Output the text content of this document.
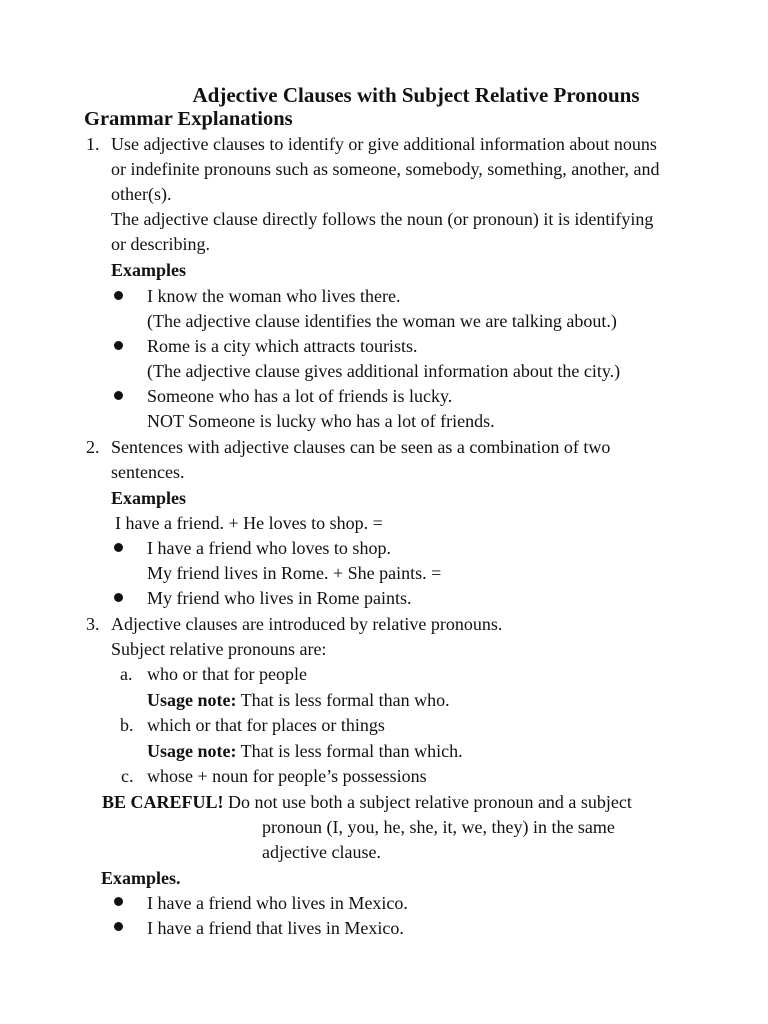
Adjective Clauses with Subject Relative Pronouns
Grammar Explanations
1. Use adjective clauses to identify or give additional information about nouns
or indefinite pronouns such as someone, somebody, something, another, and
other(s).
The adjective clause directly follows the noun (or pronoun) it is identifying
or describing.
Examples
I know the woman who lives there.
(The adjective clause identifies the woman we are talking about.)
Rome is a city which attracts tourists.
(The adjective clause gives additional information about the city.)
Someone who has a lot of friends is lucky.
NOT Someone is lucky who has a lot of friends.
2. Sentences with adjective clauses can be seen as a combination of two
sentences.
Examples
I have a friend. + He loves to shop. =
I have a friend who loves to shop.
My friend lives in Rome. + She paints. =
My friend who lives in Rome paints.
3. Adjective clauses are introduced by relative pronouns.
Subject relative pronouns are:
a. who or that for people
Usage note: That is less formal than who.
b. which or that for places or things
Usage note: That is less formal than which.
c. whose + noun for people’s possessions
BE CAREFUL! Do not use both a subject relative pronoun and a subject
pronoun (I, you, he, she, it, we, they) in the same
adjective clause.
Examples.
I have a friend who lives in Mexico.
I have a friend that lives in Mexico.
